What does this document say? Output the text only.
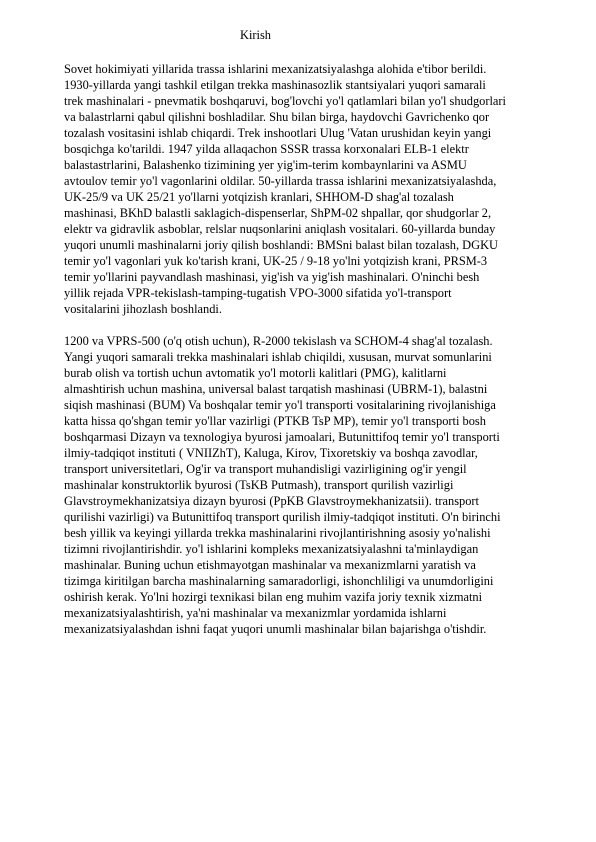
Kirish

Sovet hokimiyati yillarida trassa ishlarini mexanizatsiyalashga alohida e'tibor berildi.
1930-yillarda yangi tashkil etilgan trekka mashinasozlik stantsiyalari yuqori samarali
trek mashinalari - pnevmatik boshqaruvi, bog'lovchi yo'l qatlamlari bilan yo'l shudgorlari
va balastrlarni qabul qilishni boshladilar. Shu bilan birga, haydovchi Gavrichenko qor
tozalash vositasini ishlab chiqardi. Trek inshootlari Ulug 'Vatan urushidan keyin yangi
bosqichga ko'tarildi. 1947 yilda allaqachon SSSR trassa korxonalari ELB-1 elektr
balastastrlarini, Balashenko tizimining yer yig'im-terim kombaynlarini va ASMU
avtoulov temir yo'l vagonlarini oldilar. 50-yillarda trassa ishlarini mexanizatsiyalashda,
UK-25/9 va UK 25/21 yo'llarni yotqizish kranlari, SHHOM-D shag'al tozalash
mashinasi, BKhD balastli saklagich-dispenserlar, ShPM-02 shpallar, qor shudgorlar 2,
elektr va gidravlik asboblar, relslar nuqsonlarini aniqlash vositalari. 60-yillarda bunday
yuqori unumli mashinalarni joriy qilish boshlandi: BMSni balast bilan tozalash, DGKU
temir yo'l vagonlari yuk ko'tarish krani, UK-25 / 9-18 yo'lni yotqizish krani, PRSM-3
temir yo'llarini payvandlash mashinasi, yig'ish va yig'ish mashinalari. O'ninchi besh
yillik rejada VPR-tekislash-tamping-tugatish VPO-3000 sifatida yo'l-transport
vositalarini jihozlash boshlandi.

1200 va VPRS-500 (o'q otish uchun), R-2000 tekislash va SCHOM-4 shag'al tozalash.
Yangi yuqori samarali trekka mashinalari ishlab chiqildi, xususan, murvat somunlarini
burab olish va tortish uchun avtomatik yo'l motorli kalitlari (PMG), kalitlarni
almashtirish uchun mashina, universal balast tarqatish mashinasi (UBRM-1), balastni
siqish mashinasi (BUM) Va boshqalar temir yo'l transporti vositalarining rivojlanishiga
katta hissa qo'shgan temir yo'llar vazirligi (PTKB TsP MP), temir yo'l transporti bosh
boshqarmasi Dizayn va texnologiya byurosi jamoalari, Butunittifoq temir yo'l transporti
ilmiy-tadqiqot instituti ( VNIIZhT), Kaluga, Kirov, Tixoretskiy va boshqa zavodlar,
transport universitetlari, Og'ir va transport muhandisligi vazirligining og'ir yengil
mashinalar konstruktorlik byurosi (TsKB Putmash), transport qurilish vazirligi
Glavstroymekhanizatsiya dizayn byurosi (PpKB Glavstroymekhanizatsii). transport
qurilishi vazirligi) va Butunittifoq transport qurilish ilmiy-tadqiqot instituti. O'n birinchi
besh yillik va keyingi yillarda trekka mashinalarini rivojlantirishning asosiy yo'nalishi
tizimni rivojlantirishdir. yo'l ishlarini kompleks mexanizatsiyalashni ta'minlaydigan
mashinalar. Buning uchun etishmayotgan mashinalar va mexanizmlarni yaratish va
tizimga kiritilgan barcha mashinalarning samaradorligi, ishonchliligi va unumdorligini
oshirish kerak. Yo'lni hozirgi texnikasi bilan eng muhim vazifa joriy texnik xizmatni
mexanizatsiyalashtirish, ya'ni mashinalar va mexanizmlar yordamida ishlarni
mexanizatsiyalashdan ishni faqat yuqori unumli mashinalar bilan bajarishga o'tishdir.
